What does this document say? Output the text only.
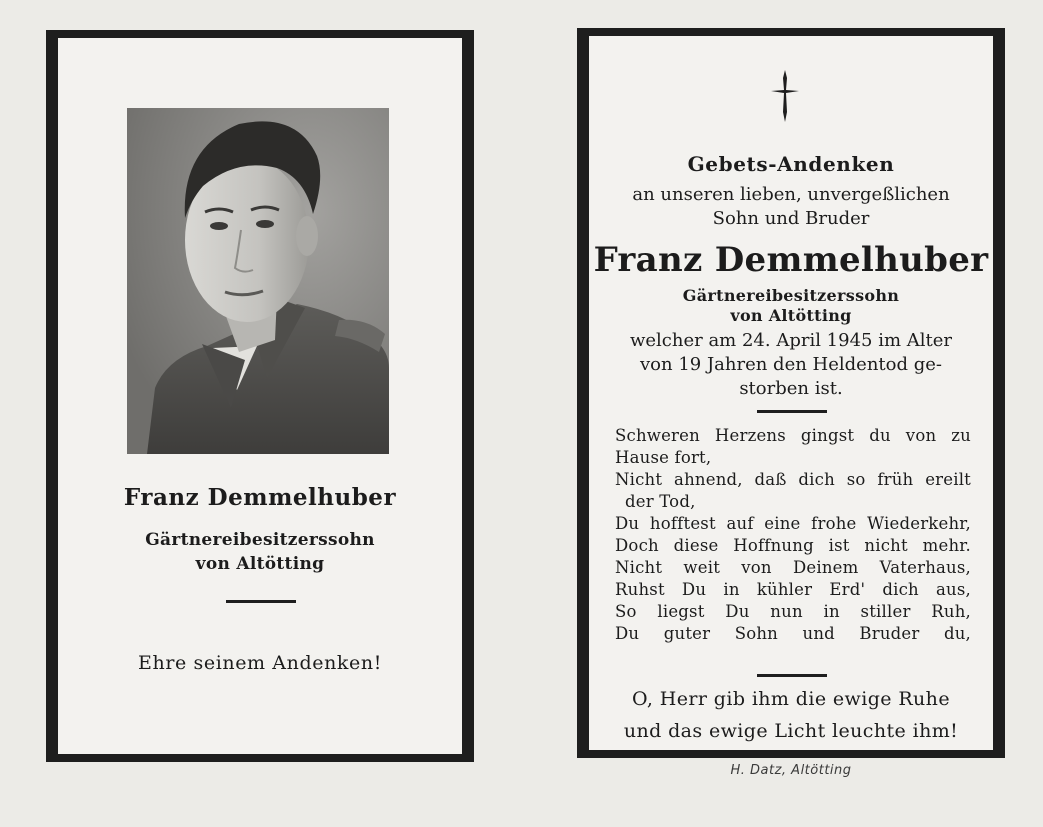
Franz Demmelhuber
Gärtnereibesitzerssohn
von Altötting
Ehre seinem Andenken!
Gebets-Andenken
an unseren lieben, unvergeßlichen
Sohn und Bruder
Franz Demmelhuber
Gärtnereibesitzerssohn
von Altötting
welcher am 24. April 1945 im Alter
von 19 Jahren den Heldentod ge-
storben ist.
Schweren Herzens gingst du von zu
Hause fort,
Nicht ahnend, daß dich so früh ereilt
der Tod,
Du hofftest auf eine frohe Wiederkehr,
Doch diese Hoffnung ist nicht mehr.
Nicht weit von Deinem Vaterhaus,
Ruhst Du in kühler Erd' dich aus,
So liegst Du nun in stiller Ruh,
Du guter Sohn und Bruder du,
O, Herr gib ihm die ewige Ruhe
und das ewige Licht leuchte ihm!
H. Datz, Altötting
